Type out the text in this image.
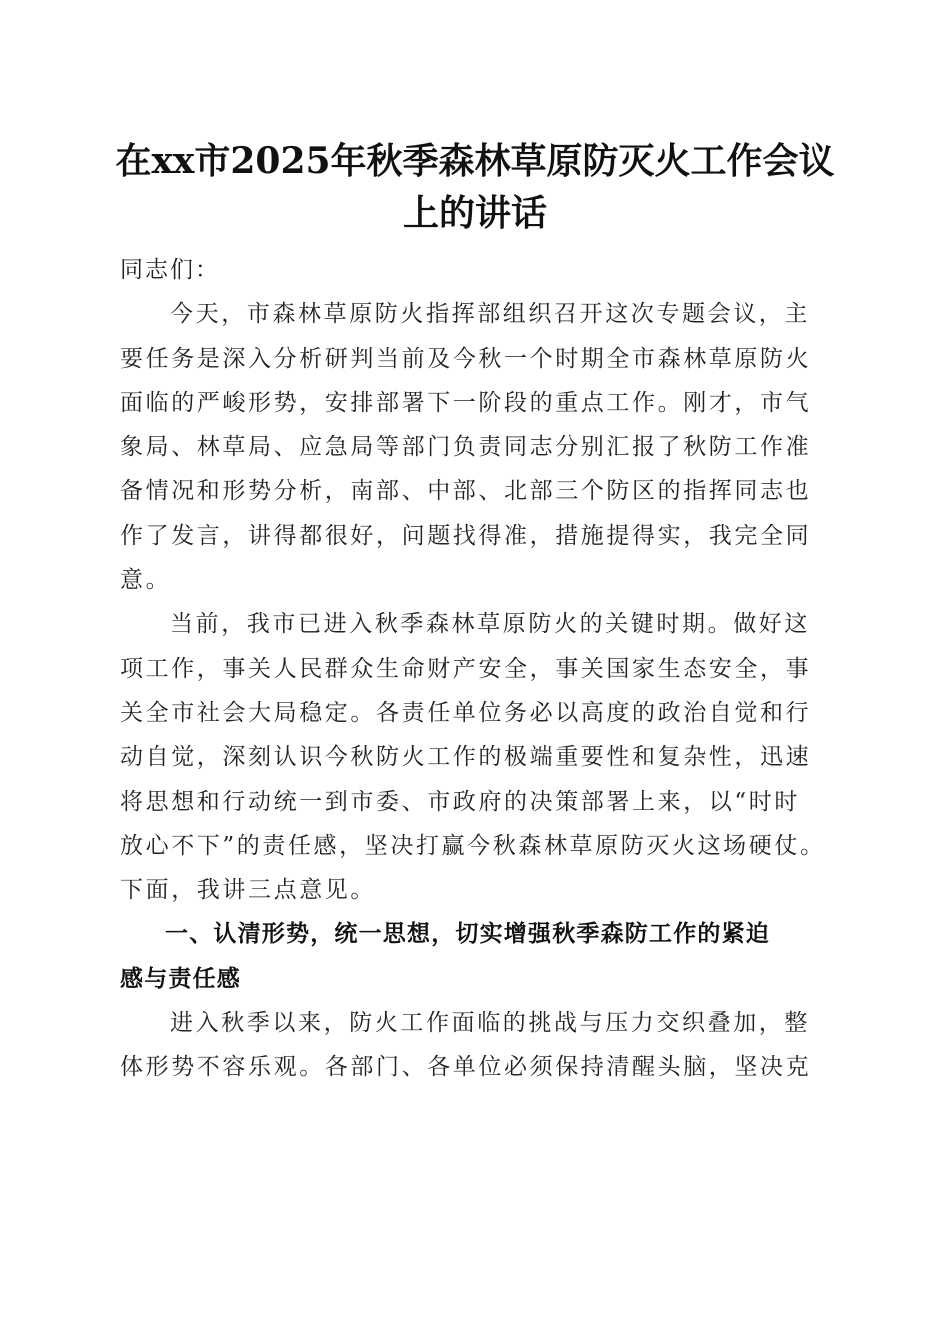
在xx市2025年秋季森林草原防灭火工作会议
上的讲话
同志们：
今天，市森林草原防火指挥部组织召开这次专题会议，主
要任务是深入分析研判当前及今秋一个时期全市森林草原防火
面临的严峻形势，安排部署下一阶段的重点工作。刚才，市气
象局、林草局、应急局等部门负责同志分别汇报了秋防工作准
备情况和形势分析，南部、中部、北部三个防区的指挥同志也
作了发言，讲得都很好，问题找得准，措施提得实，我完全同
意。
当前，我市已进入秋季森林草原防火的关键时期。做好这
项工作，事关人民群众生命财产安全，事关国家生态安全，事
关全市社会大局稳定。各责任单位务必以高度的政治自觉和行
动自觉，深刻认识今秋防火工作的极端重要性和复杂性，迅速
将思想和行动统一到市委、市政府的决策部署上来，以“时时
放心不下”的责任感，坚决打赢今秋森林草原防灭火这场硬仗。
下面，我讲三点意见。
一、认清形势，统一思想，切实增强秋季森防工作的紧迫
感与责任感
进入秋季以来，防火工作面临的挑战与压力交织叠加，整
体形势不容乐观。各部门、各单位必须保持清醒头脑，坚决克
